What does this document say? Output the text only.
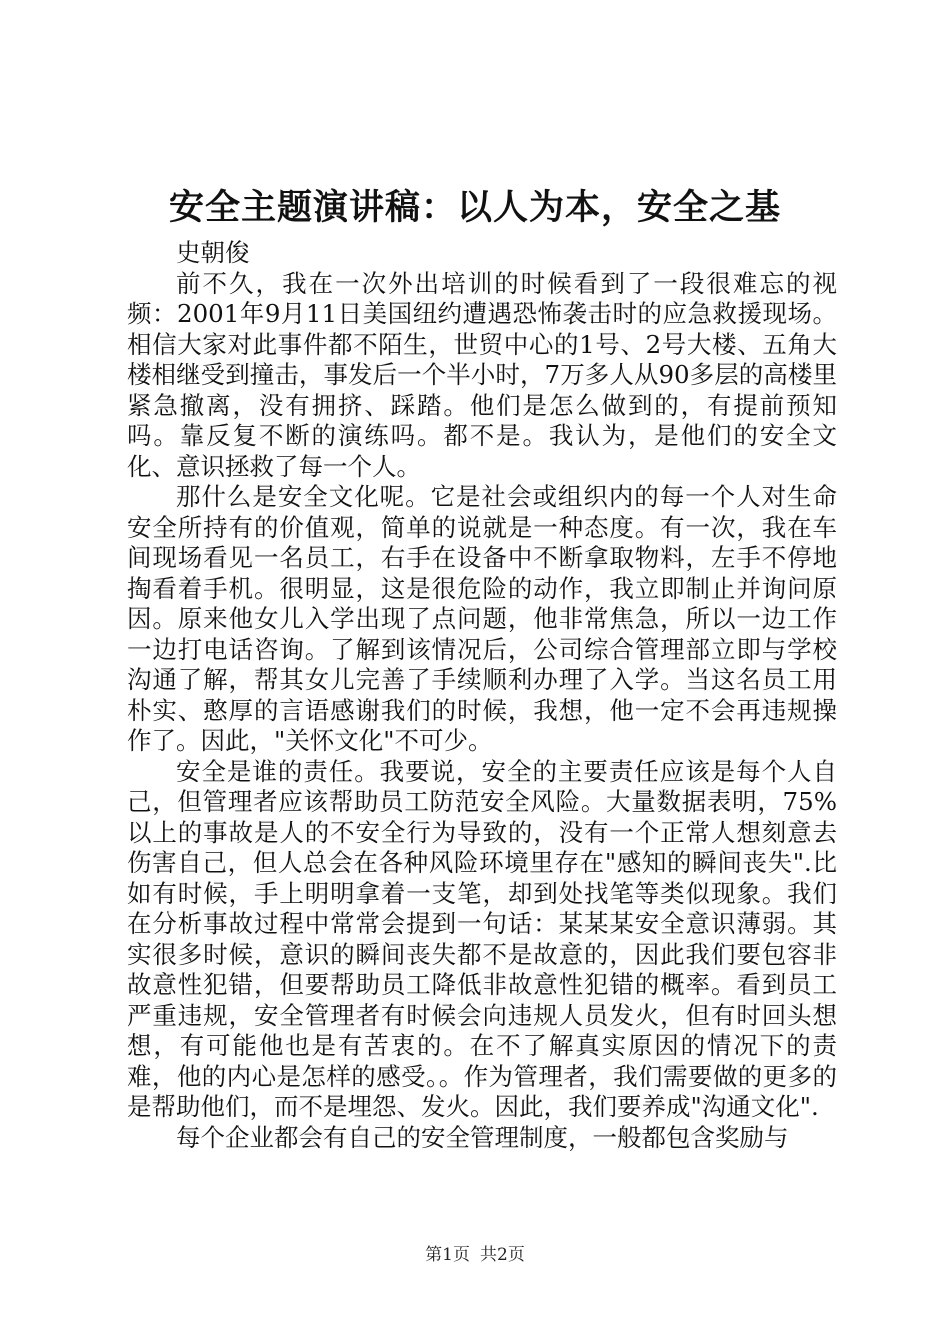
安全主题演讲稿：以人为本，安全之基

史朝俊

前不久，我在一次外出培训的时候看到了一段很难忘的视频：2001年9月11日美国纽约遭遇恐怖袭击时的应急救援现场。相信大家对此事件都不陌生，世贸中心的1号、2号大楼、五角大楼相继受到撞击，事发后一个半小时，7万多人从90多层的高楼里紧急撤离，没有拥挤、踩踏。他们是怎么做到的，有提前预知吗。靠反复不断的演练吗。都不是。我认为，是他们的安全文化、意识拯救了每一个人。

那什么是安全文化呢。它是社会或组织内的每一个人对生命安全所持有的价值观，简单的说就是一种态度。有一次，我在车间现场看见一名员工，右手在设备中不断拿取物料，左手不停地掏看着手机。很明显，这是很危险的动作，我立即制止并询问原因。原来他女儿入学出现了点问题，他非常焦急，所以一边工作一边打电话咨询。了解到该情况后，公司综合管理部立即与学校沟通了解，帮其女儿完善了手续顺利办理了入学。当这名员工用朴实、憨厚的言语感谢我们的时候，我想，他一定不会再违规操作了。因此，"关怀文化"不可少。

安全是谁的责任。我要说，安全的主要责任应该是每个人自己，但管理者应该帮助员工防范安全风险。大量数据表明，75%以上的事故是人的不安全行为导致的，没有一个正常人想刻意去伤害自己，但人总会在各种风险环境里存在"感知的瞬间丧失".比如有时候，手上明明拿着一支笔，却到处找笔等类似现象。我们在分析事故过程中常常会提到一句话：某某某安全意识薄弱。其实很多时候，意识的瞬间丧失都不是故意的，因此我们要包容非故意性犯错，但要帮助员工降低非故意性犯错的概率。看到员工严重违规，安全管理者有时候会向违规人员发火，但有时回头想想，有可能他也是有苦衷的。在不了解真实原因的情况下的责难，他的内心是怎样的感受。。作为管理者，我们需要做的更多的是帮助他们，而不是埋怨、发火。因此，我们要养成"沟通文化".

每个企业都会有自己的安全管理制度，一般都包含奖励与

第1页 共2页
